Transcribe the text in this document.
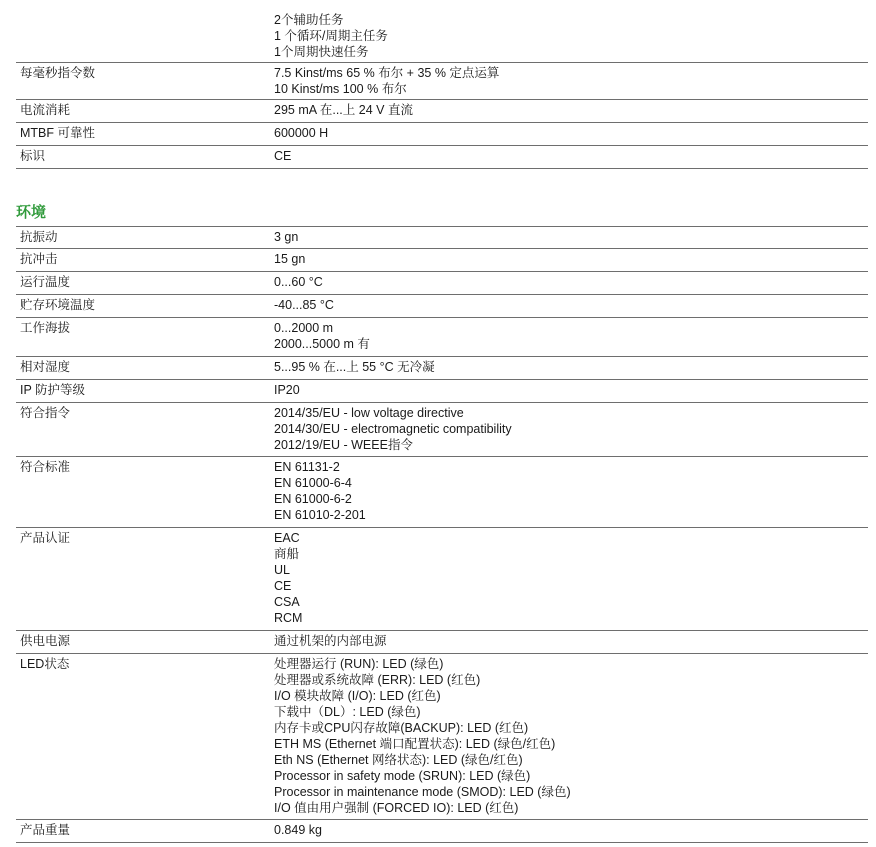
2个辅助任务
1 个循环/周期主任务
1个周期快速任务
每毫秒指令数	7.5 Kinst/ms 65 % 布尔 + 35 % 定点运算
10 Kinst/ms 100 % 布尔
电流消耗	295 mA 在...上 24 V 直流
MTBF 可靠性	600000 H
标识	CE
环境
抗振动	3 gn
抗冲击	15 gn
运行温度	0...60 °C
贮存环境温度	-40...85 °C
工作海拔	0...2000 m
2000...5000 m 有
相对湿度	5...95 % 在...上 55 °C 无冷凝
IP 防护等级	IP20
符合指令	2014/35/EU - low voltage directive
2014/30/EU - electromagnetic compatibility
2012/19/EU - WEEE指令
符合标准	EN 61131-2
EN 61000-6-4
EN 61000-6-2
EN 61010-2-201
产品认证	EAC
商船
UL
CE
CSA
RCM
供电电源	通过机架的内部电源
LED状态	处理器运行 (RUN): LED (绿色)
处理器或系统故障 (ERR): LED (红色)
I/O 模块故障 (I/O): LED (红色)
下载中（DL）: LED (绿色)
内存卡或CPU闪存故障(BACKUP): LED (红色)
ETH MS (Ethernet 端口配置状态): LED (绿色/红色)
Eth NS (Ethernet 网络状态): LED (绿色/红色)
Processor in safety mode (SRUN): LED (绿色)
Processor in maintenance mode (SMOD): LED (绿色)
I/O 值由用户强制 (FORCED IO): LED (红色)
产品重量	0.849 kg
